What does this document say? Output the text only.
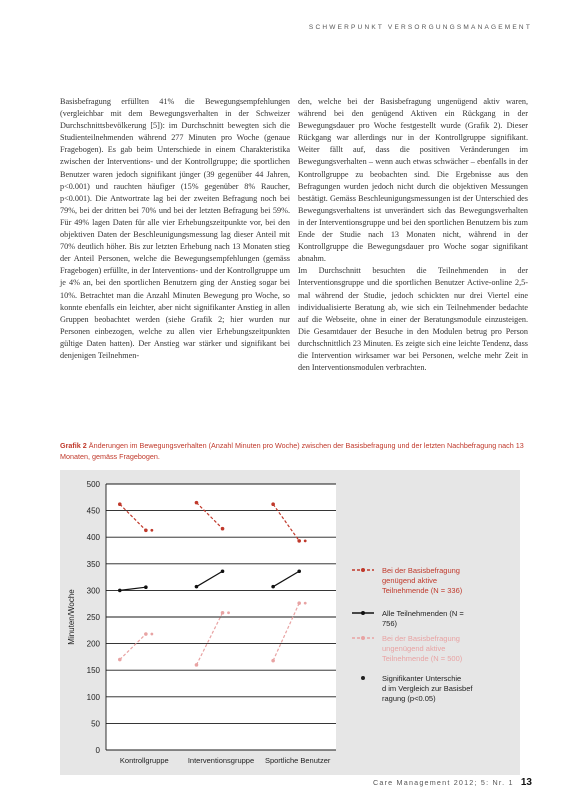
SCHWERPUNKT VERSORGUNGSMANAGEMENT

Basisbefragung erfüllten 41% die Bewegungsempfehlungen (vergleichbar mit dem Bewegungsverhalten in der Schweizer Durchschnittsbevölkerung [5]): im Durchschnitt bewegten sich die Studienteilnehmenden während 277 Minuten pro Woche (genaue Fragebogen). Es gab beim Unterschiede in einem Charakteristika zwischen der Interventions- und der Kontrollgruppe; die sportlichen Benutzer waren jedoch signifikant jünger (39 gegenüber 44 Jahren, p<0.001) und rauchten häufiger (15% gegenüber 8% Raucher, p<0.001). Die Antwortrate lag bei der zweiten Befragung noch bei 79%, bei der dritten bei 70% und bei der letzten Befragung bei 59%. Für 49% lagen Daten für alle vier Erhebungszeitpunkte vor, bei den objektiven Daten der Beschleunigungsmessung lag dieser Anteil mit 70% deutlich höher. Bis zur letzten Erhebung nach 13 Monaten stieg der Anteil Personen, welche die Bewegungsempfehlungen (gemäss Fragebogen) erfüllte, in der Interventions- und der Kontrollgruppe um je 4% an, bei den sportlichen Benutzern ging der Anstieg sogar bei 10%. Betrachtet man die Anzahl Minuten Bewegung pro Woche, so konnte ebenfalls ein leichter, aber nicht signifikanter Anstieg in allen Gruppen beobachtet werden (siehe Grafik 2; hier wurden nur Personen einbezogen, welche zu allen vier Erhebungszeitpunkten gültige Daten hatten). Der Anstieg war stärker und signifikant bei denjenigen Teilnehmen-

den, welche bei der Basisbefragung ungenügend aktiv waren, während bei den genügend Aktiven ein Rückgang in der Bewegungsdauer pro Woche festgestellt wurde (Grafik 2). Dieser Rückgang war allerdings nur in der Kontrollgruppe signifikant. Weiter fällt auf, dass die positiven Veränderungen im Bewegungsverhalten – wenn auch etwas schwächer – ebenfalls in der Kontrollgruppe zu beobachten sind. Die Ergebnisse aus den Befragungen wurden jedoch nicht durch die objektiven Messungen bestätigt. Gemäss Beschleunigungsmessungen ist der Unterschied des Bewegungsverhaltens ist unverändert sich das Bewegungsverhalten in der Interventionsgruppe und bei den sportlichen Benutzern bis zum Ende der Studie nach 13 Monaten nicht, während in der Kontrollgruppe die Bewegungsdauer pro Woche sogar signifikant abnahm.

Im Durchschnitt besuchten die Teilnehmenden in der Interventionsgruppe und die sportlichen Benutzer Active-online 2,5-mal während der Studie, jedoch schickten nur drei Viertel eine individualisierte Beratung ab, wie sich ein Teilnehmender bedachte auf die Webseite, ohne in einer der Beratungsmodule einzusteigen. Die Gesamtdauer der Besuche in den Modulen betrug pro Person durchschnittlich 23 Minuten. Es zeigte sich eine leichte Tendenz, dass die Intervention wirksamer war bei Personen, welche mehr Zeit in den Interventionsmodulen verbrachten.

Grafik 2 Änderungen im Bewegungsverhalten (Anzahl Minuten pro Woche) zwischen der Basisbefragung und der letzten Nachbefragung nach 13 Monaten, gemäss Fragebogen.
0
50
100
150
200
250
300
350
400
450
500
Minuten/Woche
Kontrollgruppe	Interventionsgruppe Sportliche Benutzer
Bei der Basisbefragung genügend aktive Teilnehmende (N = 336)
Alle Teilnehmenden (N = 756)
Bei der Basisbefragung ungenügend aktive Teilnehmende (N = 500)
Signifikanter Unterschie d im Vergleich zur Basisbef ragung (p<0.05)
Care Management 2012; 5: Nr. 1 13
